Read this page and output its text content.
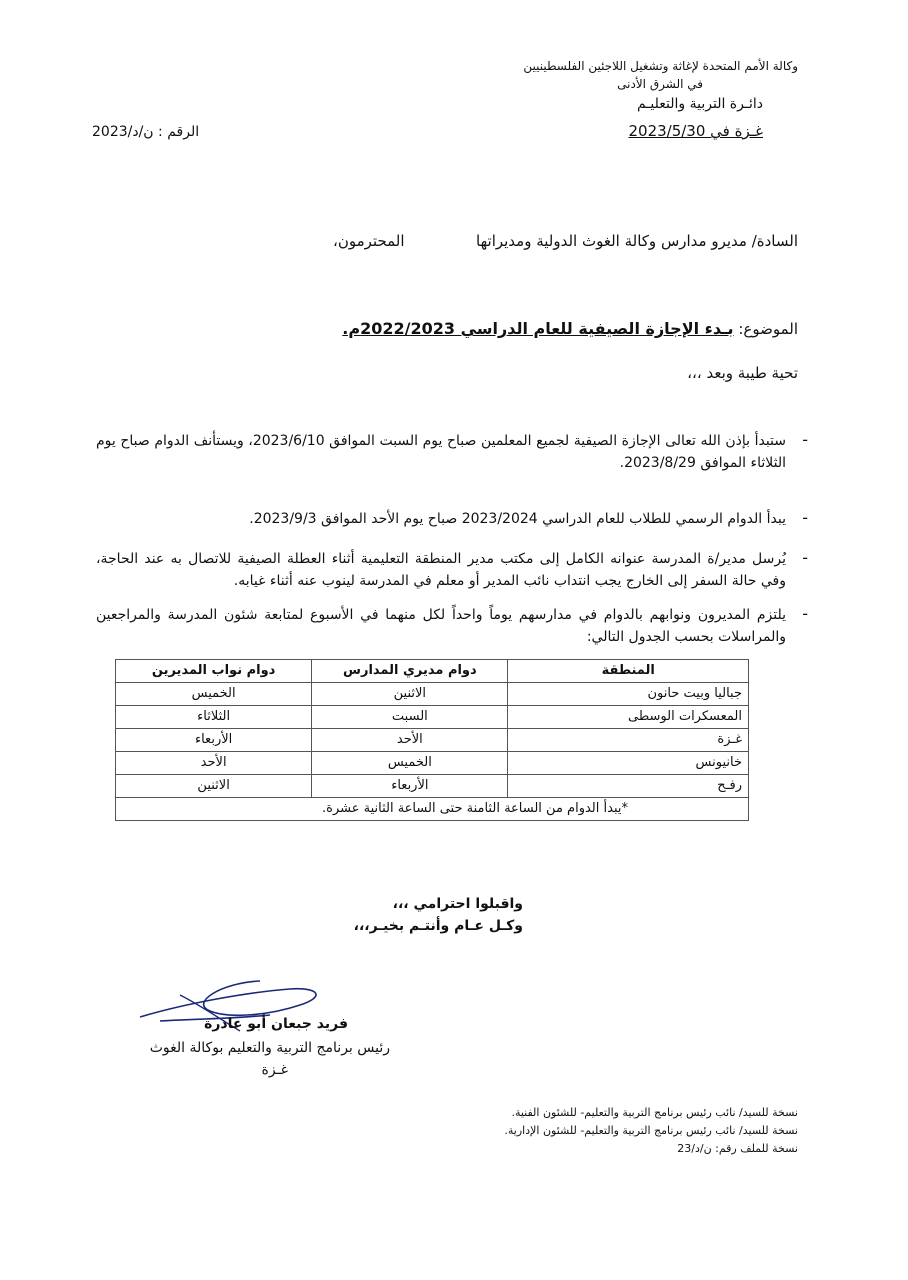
وكالة الأمم المتحدة لإغاثة وتشغيل اللاجئين الفلسطينيين
في الشرق الأدنى
دائـرة التربية والتعليـم
غـزة في 2023/5/30
الرقم : ن/د/2023
السادة/ مديرو مدارس وكالة الغوث الدولية ومديراتها
المحترمون،
الموضوع: بـدء الإجازة الصيفية للعام الدراسي 2022/2023م.
تحية طيبة وبعد ،،،
-
ستبدأ بإذن الله تعالى الإجازة الصيفية لجميع المعلمين صباح يوم السبت الموافق 2023/6/10، ويستأنف الدوام صباح يوم الثلاثاء الموافق 2023/8/29.
-
يبدأ الدوام الرسمي للطلاب للعام الدراسي 2023/2024 صباح يوم الأحد الموافق 2023/9/3.
-
يُرسل مدير/ة المدرسة عنوانه الكامل إلى مكتب مدير المنطقة التعليمية أثناء العطلة الصيفية للاتصال به عند الحاجة، وفي حالة السفر إلى الخارج يجب انتداب نائب المدير أو معلم في المدرسة لينوب عنه أثناء غيابه.
-
يلتزم المديرون ونوابهم بالدوام في مدارسهم يوماً واحداً لكل منهما في الأسبوع لمتابعة شئون المدرسة والمراجعين والمراسلات بحسب الجدول التالي:
المنطقة	دوام مديري المدارس	دوام نواب المديرين
جباليا وبيت حانون	الاثنين	الخميس
المعسكرات الوسطى	السبت	الثلاثاء
غـزة	الأحد	الأربعاء
خانيونس	الخميس	الأحد
رفـح	الأربعاء	الاثنين
*يبدأ الدوام من الساعة الثامنة حتى الساعة الثانية عشرة.		
واقبلوا احترامي ،،،
وكـل عـام وأنتـم بخيـر،،،
فريد جبعان أبو عاذرة
رئيس برنامج التربية والتعليم بوكالة الغوث
غـزة
نسخة للسيد/ نائب رئيس برنامج التربية والتعليم- للشئون الفنية.
نسخة للسيد/ نائب رئيس برنامج التربية والتعليم- للشئون الإدارية.
نسخة للملف رقم: ن/د/23
